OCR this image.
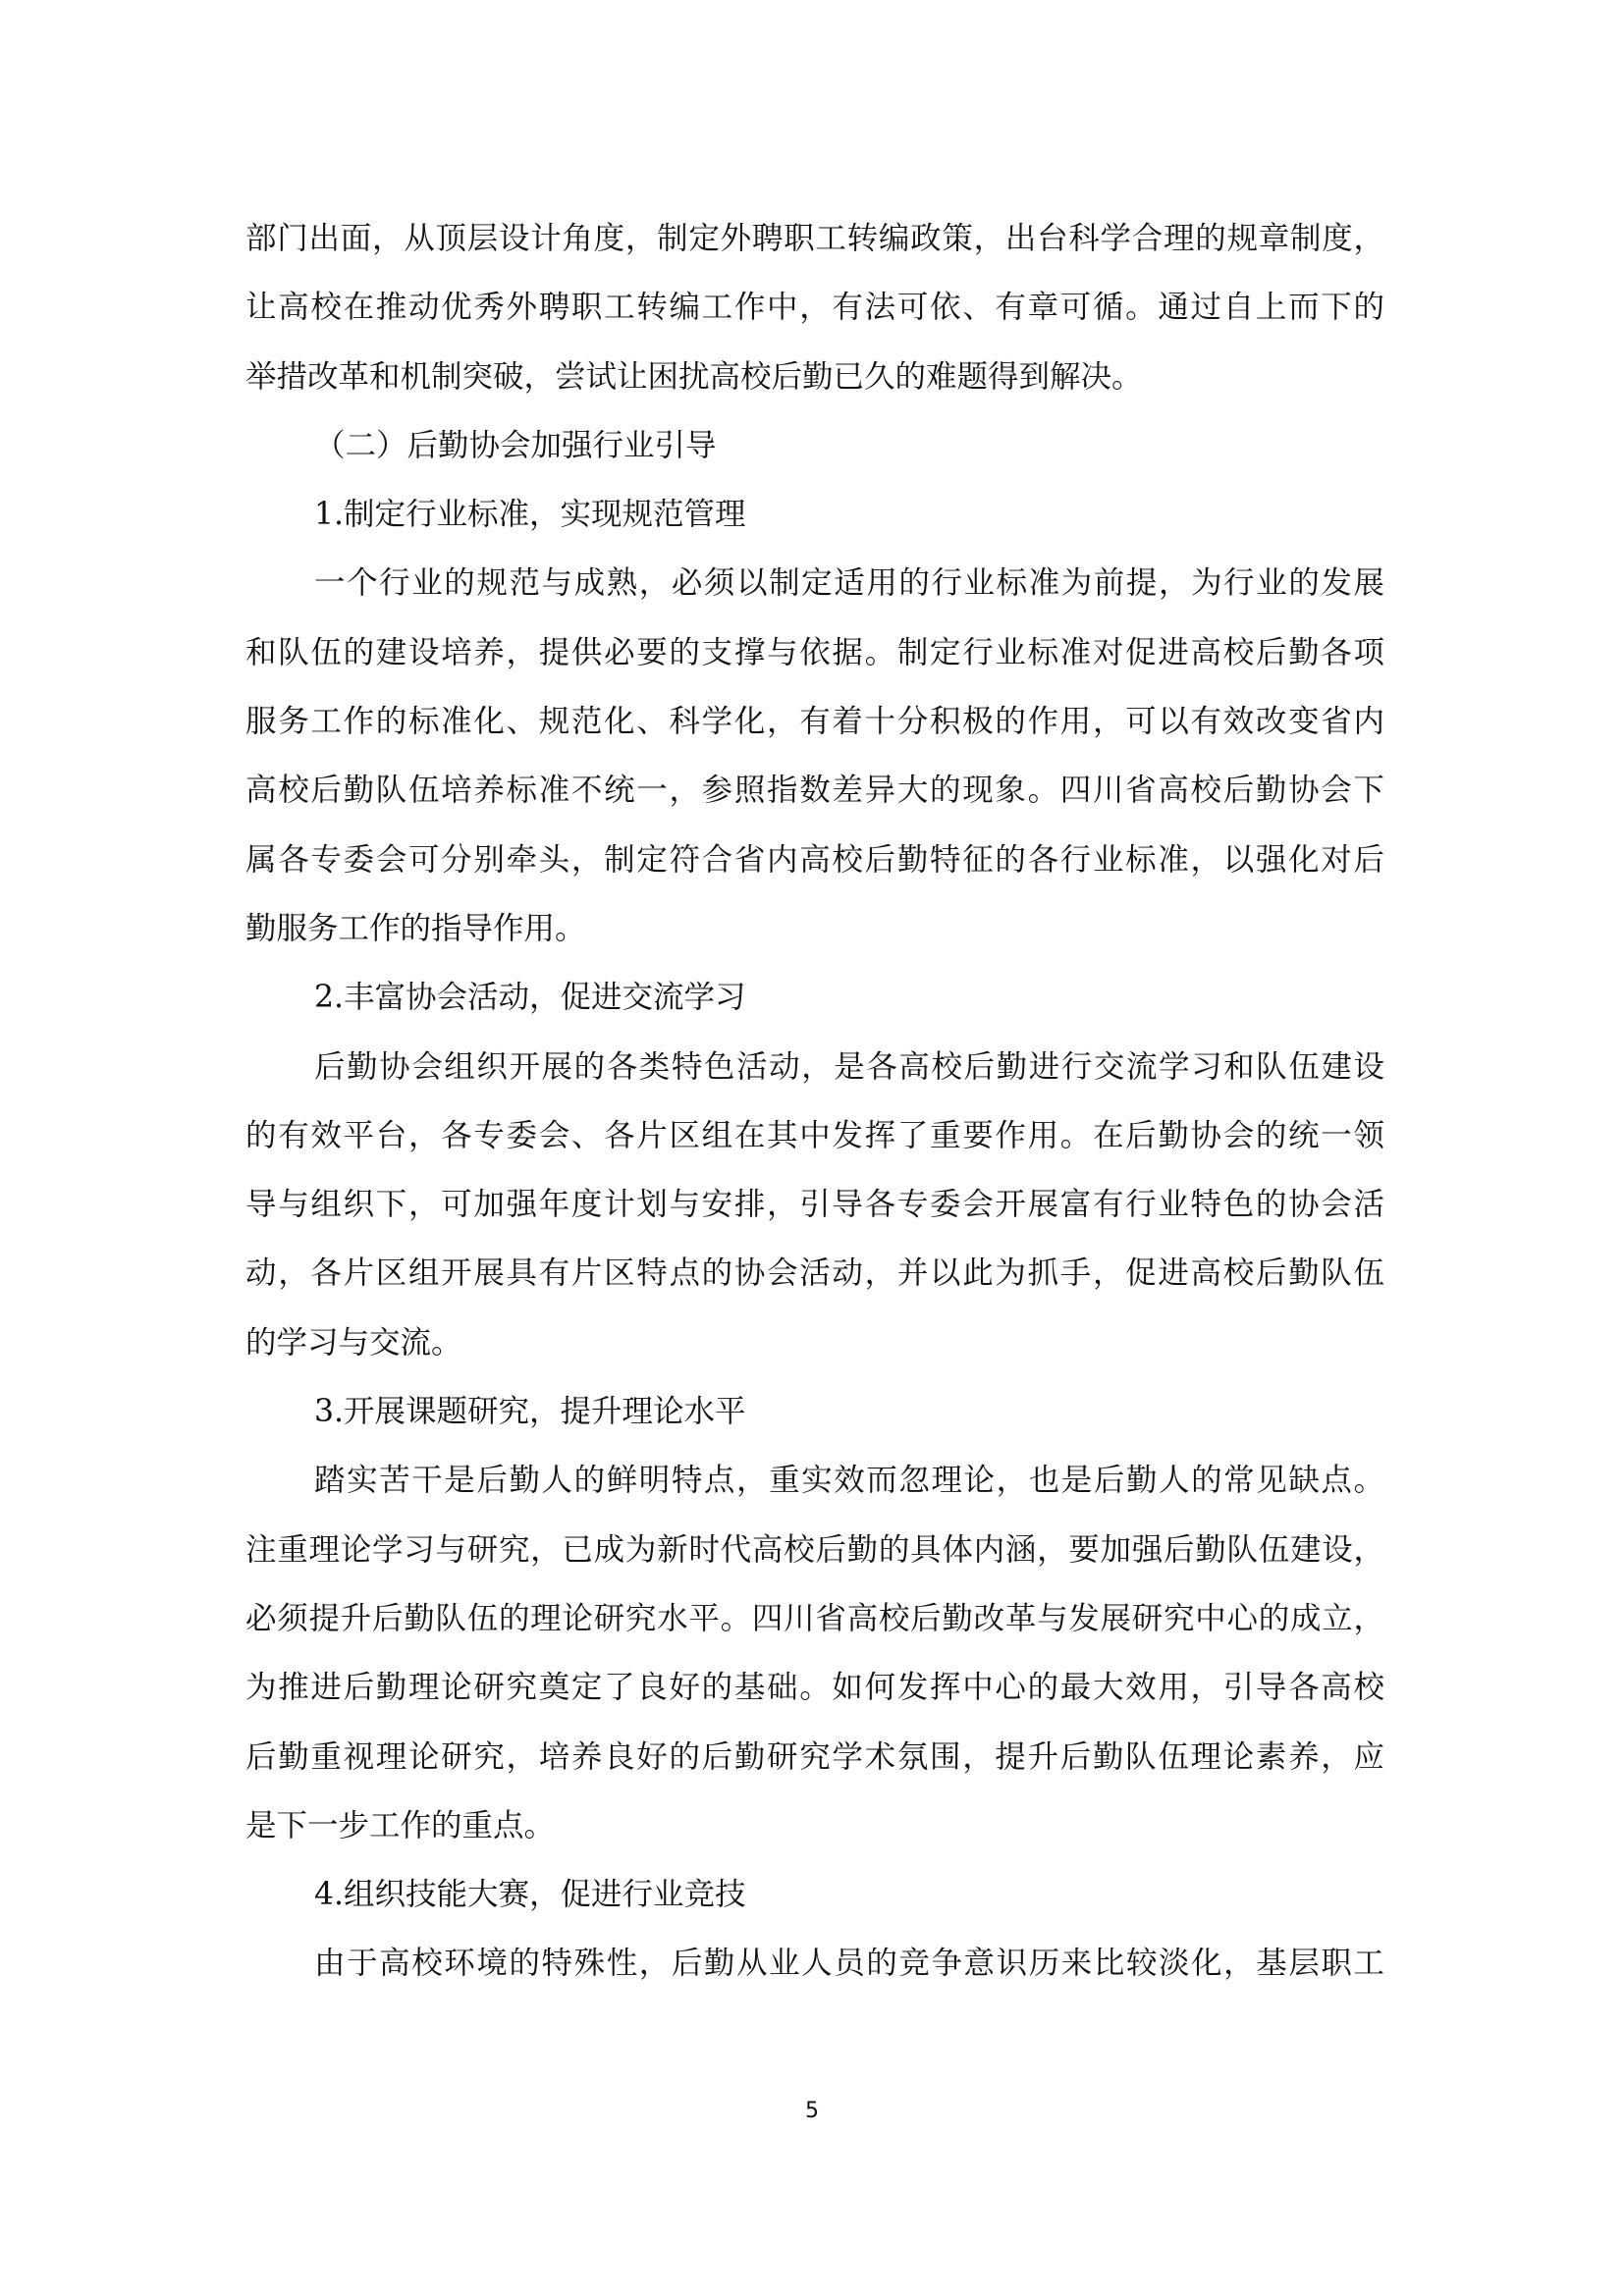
部门出面，从顶层设计角度，制定外聘职工转编政策，出台科学合理的规章制度，
让高校在推动优秀外聘职工转编工作中，有法可依、有章可循。通过自上而下的
举措改革和机制突破，尝试让困扰高校后勤已久的难题得到解决。
（二）后勤协会加强行业引导
1.制定行业标准，实现规范管理
一个行业的规范与成熟，必须以制定适用的行业标准为前提，为行业的发展
和队伍的建设培养，提供必要的支撑与依据。制定行业标准对促进高校后勤各项
服务工作的标准化、规范化、科学化，有着十分积极的作用，可以有效改变省内
高校后勤队伍培养标准不统一，参照指数差异大的现象。四川省高校后勤协会下
属各专委会可分别牵头，制定符合省内高校后勤特征的各行业标准，以强化对后
勤服务工作的指导作用。
2.丰富协会活动，促进交流学习
后勤协会组织开展的各类特色活动，是各高校后勤进行交流学习和队伍建设
的有效平台，各专委会、各片区组在其中发挥了重要作用。在后勤协会的统一领
导与组织下，可加强年度计划与安排，引导各专委会开展富有行业特色的协会活
动，各片区组开展具有片区特点的协会活动，并以此为抓手，促进高校后勤队伍
的学习与交流。
3.开展课题研究，提升理论水平
踏实苦干是后勤人的鲜明特点，重实效而忽理论，也是后勤人的常见缺点。
注重理论学习与研究，已成为新时代高校后勤的具体内涵，要加强后勤队伍建设，
必须提升后勤队伍的理论研究水平。四川省高校后勤改革与发展研究中心的成立，
为推进后勤理论研究奠定了良好的基础。如何发挥中心的最大效用，引导各高校
后勤重视理论研究，培养良好的后勤研究学术氛围，提升后勤队伍理论素养，应
是下一步工作的重点。
4.组织技能大赛，促进行业竞技
由于高校环境的特殊性，后勤从业人员的竞争意识历来比较淡化，基层职工
5
